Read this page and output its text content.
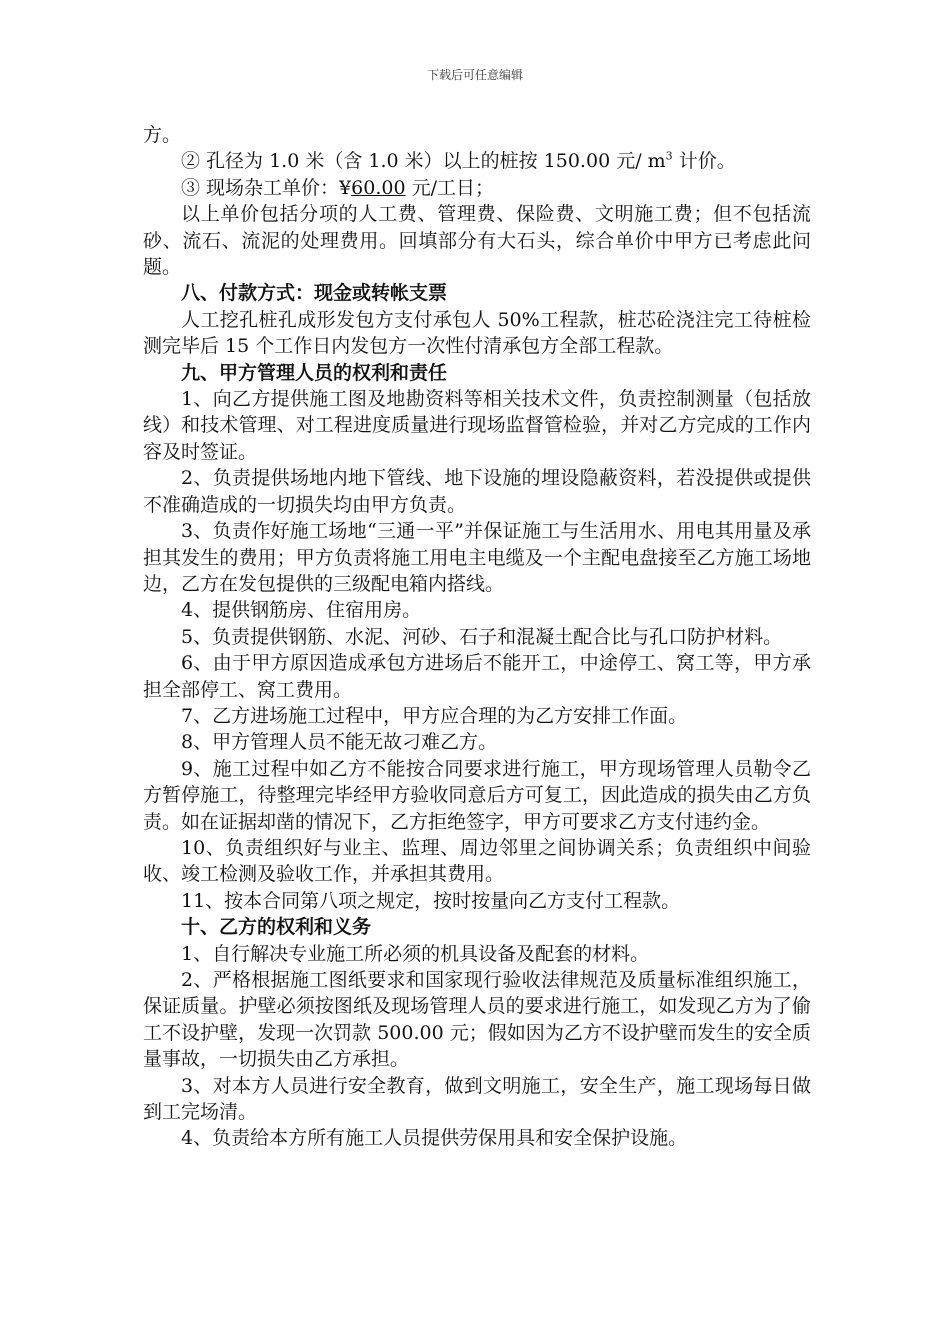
下载后可任意编辑

方。

② 孔径为 1.0 米（含 1.0 米）以上的桩按 150.00 元/ $m^3$ 计价。

③ 现场杂工单价：¥60.00 元/工日；

以上单价包括分项的人工费、管理费、保险费、文明施工费；但不包括流砂、流石、流泥的处理费用。回填部分有大石头，综合单价中甲方已考虑此问题。

八、付款方式：现金或转帐支票

人工挖孔桩孔成形发包方支付承包人 50%工程款，桩芯砼浇注完工待桩检测完毕后 15 个工作日内发包方一次性付清承包方全部工程款。

九、甲方管理人员的权利和责任

1、向乙方提供施工图及地勘资料等相关技术文件，负责控制测量（包括放线）和技术管理、对工程进度质量进行现场监督管检验，并对乙方完成的工作内容及时签证。

2、负责提供场地内地下管线、地下设施的埋设隐蔽资料，若没提供或提供不准确造成的一切损失均由甲方负责。

3、负责作好施工场地“三通一平”并保证施工与生活用水、用电其用量及承担其发生的费用；甲方负责将施工用电主电缆及一个主配电盘接至乙方施工场地边，乙方在发包提供的三级配电箱内搭线。

4、提供钢筋房、住宿用房。

5、负责提供钢筋、水泥、河砂、石子和混凝土配合比与孔口防护材料。

6、由于甲方原因造成承包方进场后不能开工，中途停工、窝工等，甲方承担全部停工、窝工费用。

7、乙方进场施工过程中，甲方应合理的为乙方安排工作面。

8、甲方管理人员不能无故刁难乙方。

9、施工过程中如乙方不能按合同要求进行施工，甲方现场管理人员勒令乙方暂停施工，待整理完毕经甲方验收同意后方可复工，因此造成的损失由乙方负责。如在证据却凿的情况下，乙方拒绝签字，甲方可要求乙方支付违约金。

10、负责组织好与业主、监理、周边邻里之间协调关系；负责组织中间验收、竣工检测及验收工作，并承担其费用。

11、按本合同第八项之规定，按时按量向乙方支付工程款。

十、乙方的权利和义务

1、自行解决专业施工所必须的机具设备及配套的材料。

2、严格根据施工图纸要求和国家现行验收法律规范及质量标准组织施工，保证质量。护壁必须按图纸及现场管理人员的要求进行施工，如发现乙方为了偷工不设护壁，发现一次罚款 500.00 元；假如因为乙方不设护壁而发生的安全质量事故，一切损失由乙方承担。

3、对本方人员进行安全教育，做到文明施工，安全生产，施工现场每日做到工完场清。

4、负责给本方所有施工人员提供劳保用具和安全保护设施。
